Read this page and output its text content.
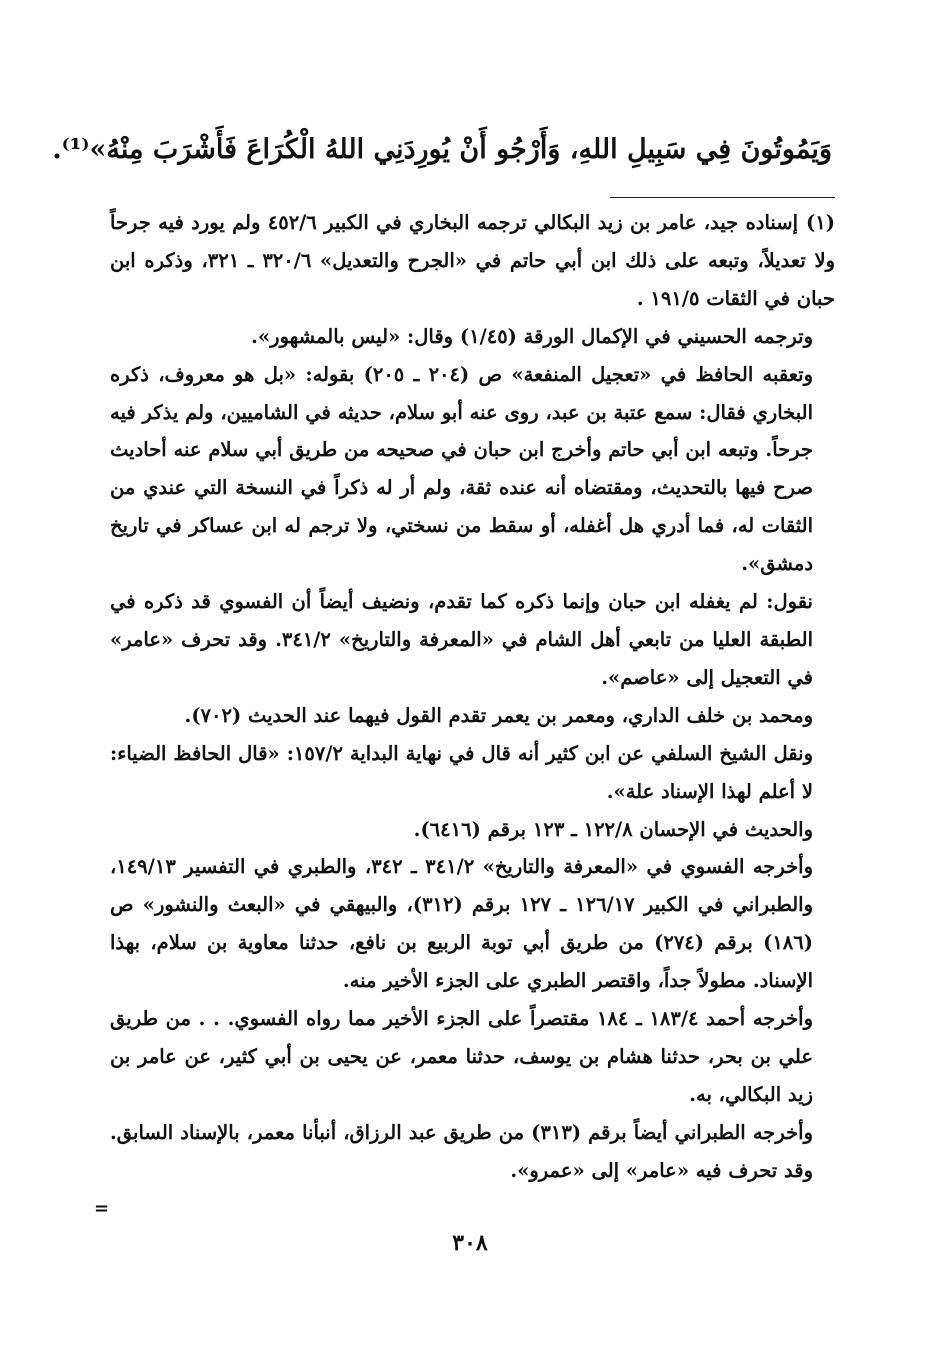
وَيَمُوتُونَ فِي سَبِيلِ اللهِ، وَأَرْجُو أَنْ يُورِدَنِي اللهُ الْكُرَاعَ فَأَشْرَبَ مِنْهُ»⁽¹⁾.

(١)إسناده جيد، عامر بن زيد البكالي ترجمه البخاري في الكبير ٤٥٢/٦ ولم يورد فيه جرحاً ولا تعديلاً، وتبعه على ذلك ابن أبي حاتم في «الجرح والتعديل» ٣٢٠/٦ ـ ٣٢١، وذكره ابن حبان في الثقات ١٩١/٥ .

وترجمه الحسيني في الإكمال الورقة (١/٤٥) وقال: «ليس بالمشهور».

وتعقبه الحافظ في «تعجيل المنفعة» ص (٢٠٤ ـ ٢٠٥) بقوله: «بل هو معروف، ذكره البخاري فقال: سمع عتبة بن عبد، روى عنه أبو سلام، حديثه في الشاميين، ولم يذكر فيه جرحاً. وتبعه ابن أبي حاتم وأخرج ابن حبان في صحيحه من طريق أبي سلام عنه أحاديث صرح فيها بالتحديث، ومقتضاه أنه عنده ثقة، ولم أر له ذكراً في النسخة التي عندي من الثقات له، فما أدري هل أغفله، أو سقط من نسختي، ولا ترجم له ابن عساكر في تاريخ دمشق».

نقول: لم يغفله ابن حبان وإنما ذكره كما تقدم، ونضيف أيضاً أن الفسوي قد ذكره في الطبقة العليا من تابعي أهل الشام في «المعرفة والتاريخ» ٣٤١/٢. وقد تحرف «عامر» في التعجيل إلى «عاصم».

ومحمد بن خلف الداري، ومعمر بن يعمر تقدم القول فيهما عند الحديث (٧٠٢).

ونقل الشيخ السلفي عن ابن كثير أنه قال في نهاية البداية ١٥٧/٢: «قال الحافظ الضياء: لا أعلم لهذا الإسناد علة».

والحديث في الإحسان ١٢٢/٨ ـ ١٢٣ برقم (٦٤١٦).

وأخرجه الفسوي في «المعرفة والتاريخ» ٣٤١/٢ ـ ٣٤٢، والطبري في التفسير ١٤٩/١٣، والطبراني في الكبير ١٢٦/١٧ ـ ١٢٧ برقم (٣١٢)، والبيهقي في «البعث والنشور» ص (١٨٦) برقم (٢٧٤) من طريق أبي توبة الربيع بن نافع، حدثنا معاوية بن سلام، بهذا الإسناد. مطولاً جداً، واقتصر الطبري على الجزء الأخير منه.

وأخرجه أحمد ١٨٣/٤ ـ ١٨٤ مقتصراً على الجزء الأخير مما رواه الفسوي. . . من طريق علي بن بحر، حدثنا هشام بن يوسف، حدثنا معمر، عن يحيى بن أبي كثير، عن عامر بن زيد البكالي، به.

وأخرجه الطبراني أيضاً برقم (٣١٣) من طريق عبد الرزاق، أنبأنا معمر، بالإسناد السابق. وقد تحرف فيه «عامر» إلى «عمرو».

=
٣٠٨
